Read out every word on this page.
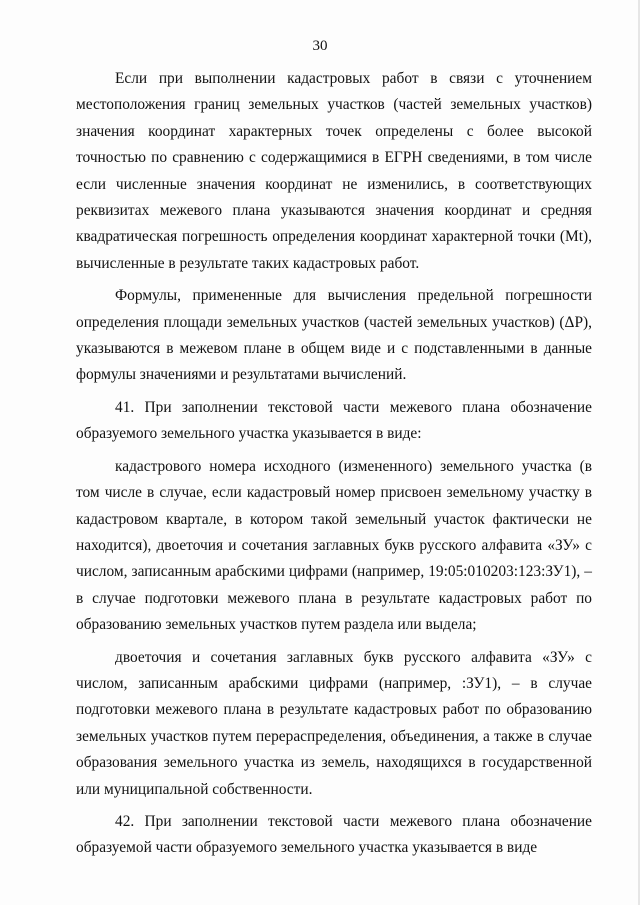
30

Если при выполнении кадастровых работ в связи с уточнением местоположения границ земельных участков (частей земельных участков) значения координат характерных точек определены с более высокой точностью по сравнению с содержащимися в ЕГРН сведениями, в том числе если численные значения координат не изменились, в соответствующих реквизитах межевого плана указываются значения координат и средняя квадратическая погрешность определения координат характерной точки (Mt), вычисленные в результате таких кадастровых работ.

Формулы, примененные для вычисления предельной погрешности определения площади земельных участков (частей земельных участков) (ΔP), указываются в межевом плане в общем виде и с подставленными в данные формулы значениями и результатами вычислений.

41. При заполнении текстовой части межевого плана обозначение образуемого земельного участка указывается в виде:

кадастрового номера исходного (измененного) земельного участка (в том числе в случае, если кадастровый номер присвоен земельному участку в кадастровом квартале, в котором такой земельный участок фактически не находится), двоеточия и сочетания заглавных букв русского алфавита «ЗУ» с числом, записанным арабскими цифрами (например, 19:05:010203:123:ЗУ1), – в случае подготовки межевого плана в результате кадастровых работ по образованию земельных участков путем раздела или выдела;

двоеточия и сочетания заглавных букв русского алфавита «ЗУ» с числом, записанным арабскими цифрами (например, :ЗУ1), – в случае подготовки межевого плана в результате кадастровых работ по образованию земельных участков путем перераспределения, объединения, а также в случае образования земельного участка из земель, находящихся в государственной или муниципальной собственности.

42. При заполнении текстовой части межевого плана обозначение образуемой части образуемого земельного участка указывается в виде
